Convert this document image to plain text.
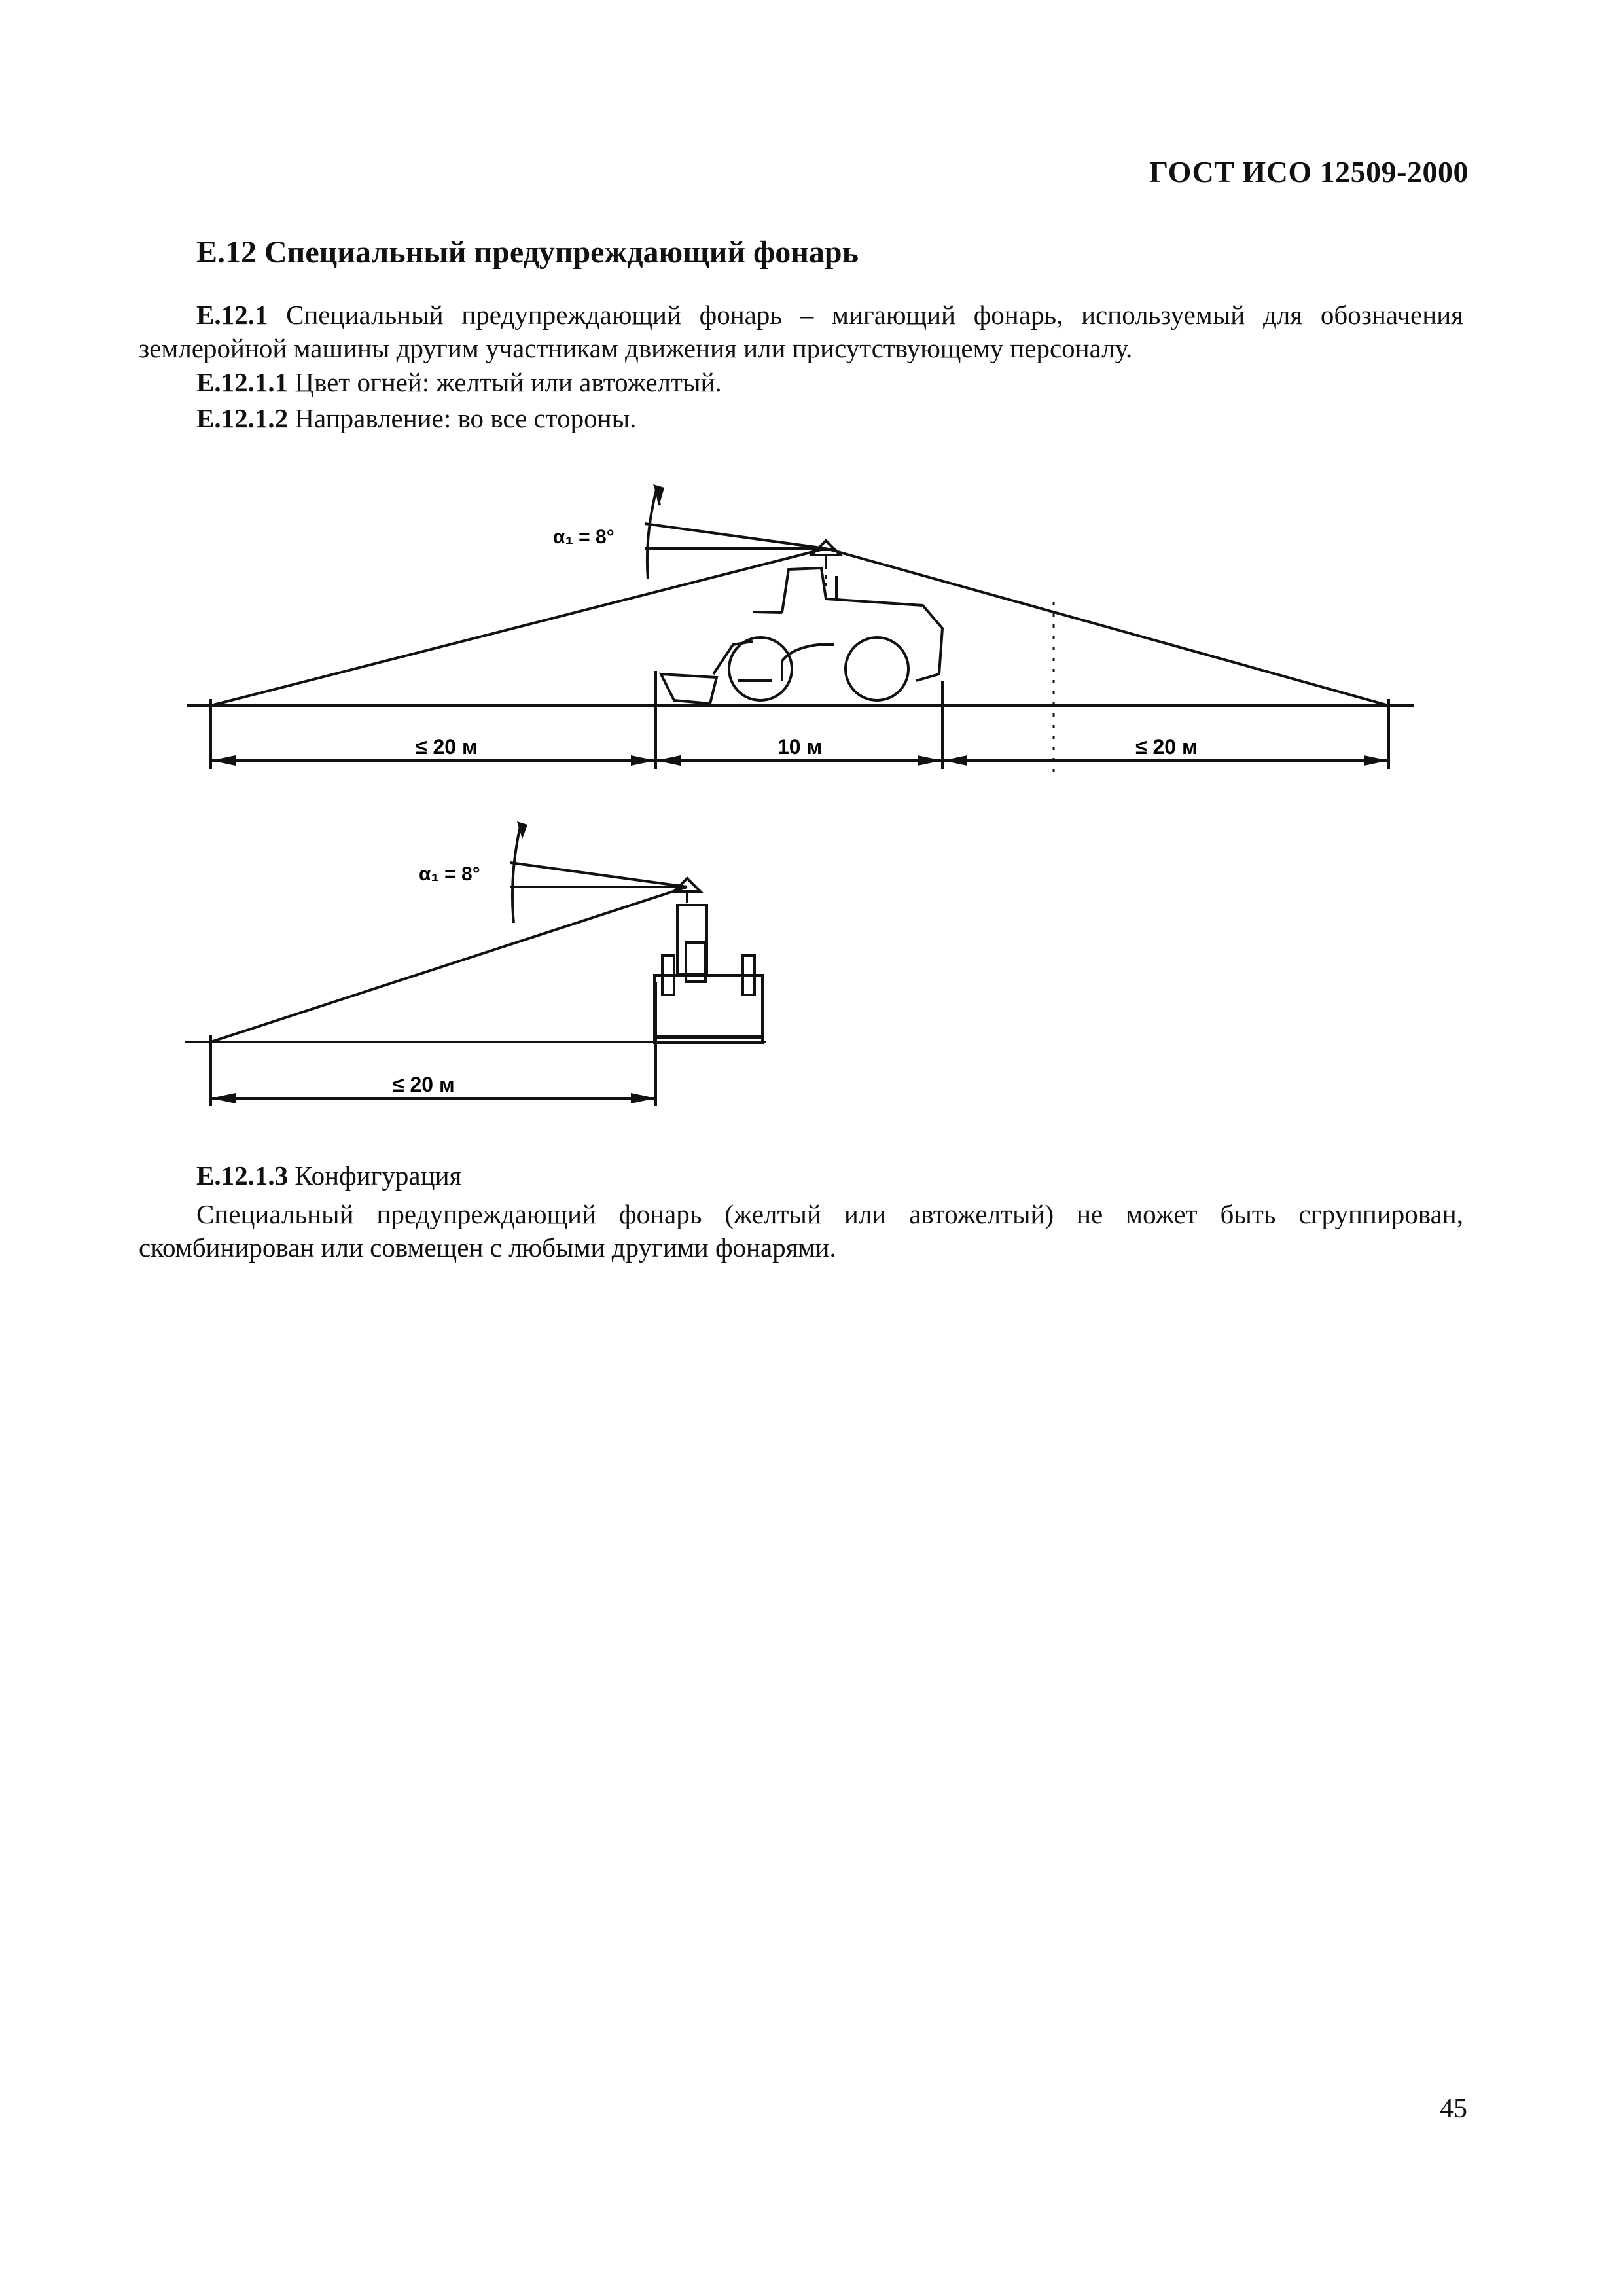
ГОСТ ИСО 12509-2000
Е.12 Специальный предупреждающий фонарь
Е.12.1 Специальный предупреждающий фонарь – мигающий фонарь, используемый для обозначения землеройной машины другим участникам движения или присутствующему персоналу.
Е.12.1.1 Цвет огней: желтый или автожелтый.
Е.12.1.2 Направление: во все стороны.
α₁ = 8°
≤ 20 м	10 м	≤ 20 м
α₁ = 8°
≤ 20 м
Е.12.1.3 Конфигурация
Специальный предупреждающий фонарь (желтый или автожелтый) не может быть сгруппирован, скомбинирован или совмещен с любыми другими фонарями.
45
